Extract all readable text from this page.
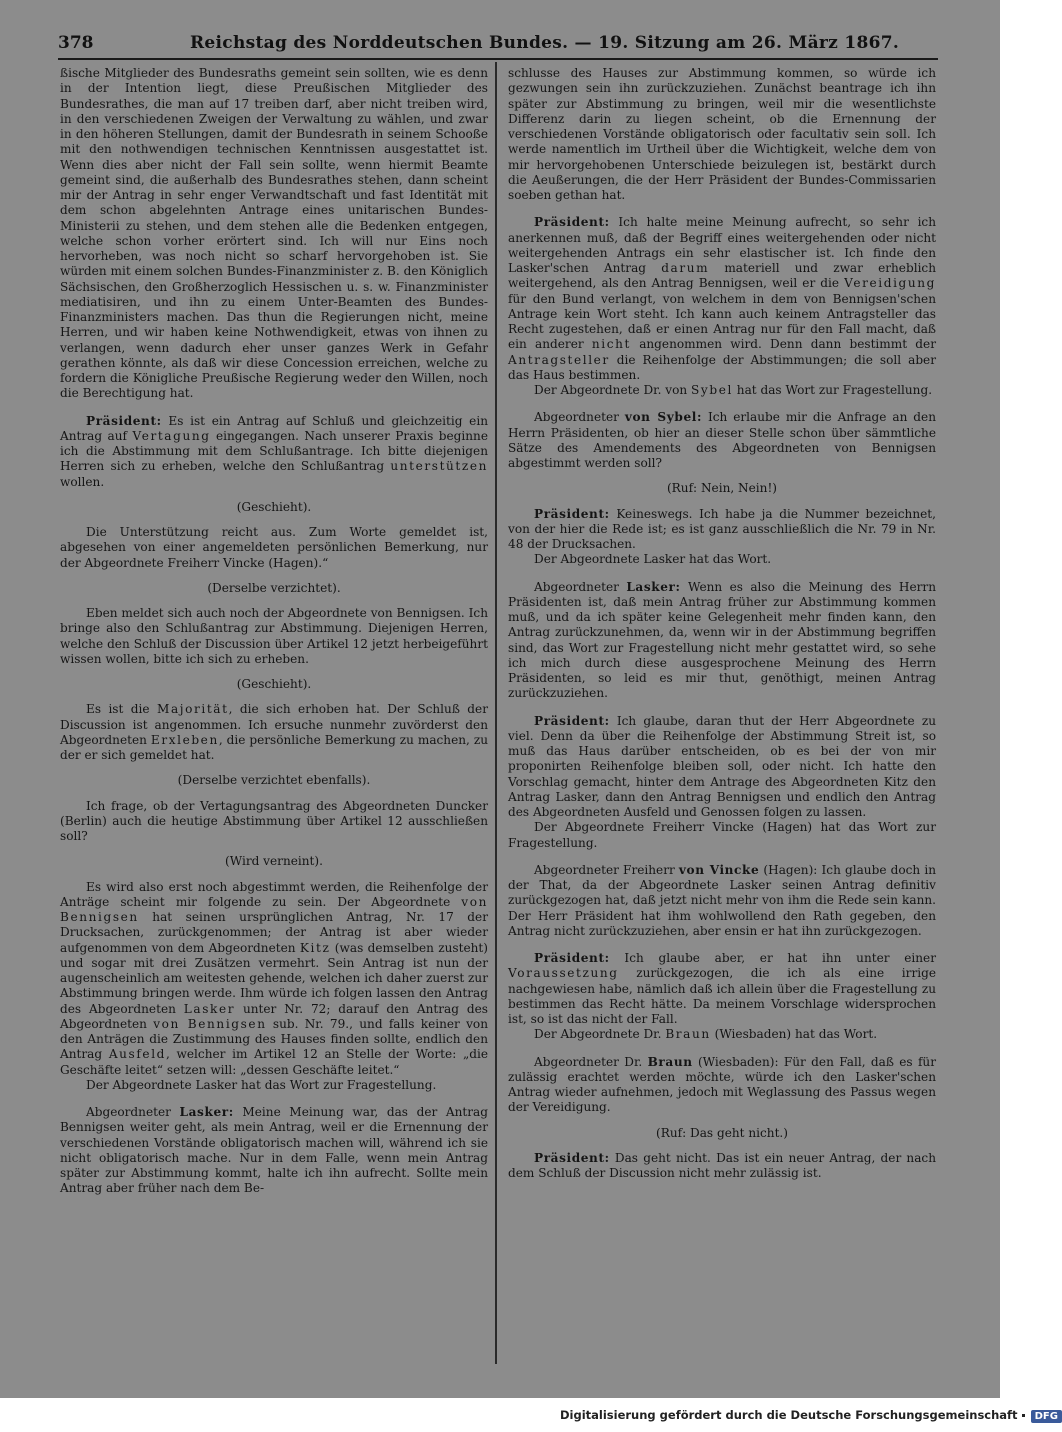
378	Reichstag des Norddeutschen Bundes. — 19. Sitzung am 26. März 1867.

ßische Mitglieder des Bundesraths gemeint sein sollten, wie es denn in der Intention liegt, diese Preußischen Mitglieder des Bundesrathes, die man auf 17 treiben darf, aber nicht treiben wird, in den verschiedenen Zweigen der Verwaltung zu wählen, und zwar in den höheren Stellungen, damit der Bundesrath in seinem Schooße mit den nothwendigen technischen Kenntnissen ausgestattet ist. Wenn dies aber nicht der Fall sein sollte, wenn hiermit Beamte gemeint sind, die außerhalb des Bundesrathes stehen, dann scheint mir der Antrag in sehr enger Verwandtschaft und fast Identität mit dem schon abgelehnten Antrage eines unitarischen Bundes-Ministerii zu stehen, und dem stehen alle die Bedenken entgegen, welche schon vorher erörtert sind. Ich will nur Eins noch hervorheben, was noch nicht so scharf hervorgehoben ist. Sie würden mit einem solchen Bundes-Finanzminister z. B. den Königlich Sächsischen, den Großherzoglich Hessischen u. s. w. Finanzminister mediatisiren, und ihn zu einem Unter-Beamten des Bundes-Finanzministers machen. Das thun die Regierungen nicht, meine Herren, und wir haben keine Nothwendigkeit, etwas von ihnen zu verlangen, wenn dadurch eher unser ganzes Werk in Gefahr gerathen könnte, als daß wir diese Concession erreichen, welche zu fordern die Königliche Preußische Regierung weder den Willen, noch die Berechtigung hat.

Präsident: Es ist ein Antrag auf Schluß und gleichzeitig ein Antrag auf Vertagung eingegangen. Nach unserer Praxis beginne ich die Abstimmung mit dem Schlußantrage. Ich bitte diejenigen Herren sich zu erheben, welche den Schlußantrag unterstützen wollen.

(Geschieht).

Die Unterstützung reicht aus. Zum Worte gemeldet ist, abgesehen von einer angemeldeten persönlichen Bemerkung, nur der Abgeordnete Freiherr Vincke (Hagen).“

(Derselbe verzichtet).

Eben meldet sich auch noch der Abgeordnete von Bennigsen. Ich bringe also den Schlußantrag zur Abstimmung. Diejenigen Herren, welche den Schluß der Discussion über Artikel 12 jetzt herbeigeführt wissen wollen, bitte ich sich zu erheben.

(Geschieht).

Es ist die Majorität, die sich erhoben hat. Der Schluß der Discussion ist angenommen. Ich ersuche nunmehr zuvörderst den Abgeordneten Erxleben, die persönliche Bemerkung zu machen, zu der er sich gemeldet hat.

(Derselbe verzichtet ebenfalls).

Ich frage, ob der Vertagungsantrag des Abgeordneten Duncker (Berlin) auch die heutige Abstimmung über Artikel 12 ausschließen soll?

(Wird verneint).

Es wird also erst noch abgestimmt werden, die Reihenfolge der Anträge scheint mir folgende zu sein. Der Abgeordnete von Bennigsen hat seinen ursprünglichen Antrag, Nr. 17 der Drucksachen, zurückgenommen; der Antrag ist aber wieder aufgenommen von dem Abgeordneten Kitz (was demselben zusteht) und sogar mit drei Zusätzen vermehrt. Sein Antrag ist nun der augenscheinlich am weitesten gehende, welchen ich daher zuerst zur Abstimmung bringen werde. Ihm würde ich folgen lassen den Antrag des Abgeordneten Lasker unter Nr. 72; darauf den Antrag des Abgeordneten von Bennigsen sub. Nr. 79., und falls keiner von den Anträgen die Zustimmung des Hauses finden sollte, endlich den Antrag Ausfeld, welcher im Artikel 12 an Stelle der Worte: „die Geschäfte leitet“ setzen will: „dessen Geschäfte leitet.“

Der Abgeordnete Lasker hat das Wort zur Fragestellung.

Abgeordneter Lasker: Meine Meinung war, das der Antrag Bennigsen weiter geht, als mein Antrag, weil er die Ernennung der verschiedenen Vorstände obligatorisch machen will, während ich sie nicht obligatorisch mache. Nur in dem Falle, wenn mein Antrag später zur Abstimmung kommt, halte ich ihn aufrecht. Sollte mein Antrag aber früher nach dem Be-

schlusse des Hauses zur Abstimmung kommen, so würde ich gezwungen sein ihn zurückzuziehen. Zunächst beantrage ich ihn später zur Abstimmung zu bringen, weil mir die wesentlichste Differenz darin zu liegen scheint, ob die Ernennung der verschiedenen Vorstände obligatorisch oder facultativ sein soll. Ich werde namentlich im Urtheil über die Wichtigkeit, welche dem von mir hervorgehobenen Unterschiede beizulegen ist, bestärkt durch die Aeußerungen, die der Herr Präsident der Bundes-Commissarien soeben gethan hat.

Präsident: Ich halte meine Meinung aufrecht, so sehr ich anerkennen muß, daß der Begriff eines weitergehenden oder nicht weitergehenden Antrags ein sehr elastischer ist. Ich finde den Lasker'schen Antrag darum materiell und zwar erheblich weitergehend, als den Antrag Bennigsen, weil er die Vereidigung für den Bund verlangt, von welchem in dem von Bennigsen'schen Antrage kein Wort steht. Ich kann auch keinem Antragsteller das Recht zugestehen, daß er einen Antrag nur für den Fall macht, daß ein anderer nicht angenommen wird. Denn dann bestimmt der Antragsteller die Reihenfolge der Abstimmungen; die soll aber das Haus bestimmen.

Der Abgeordnete Dr. von Sybel hat das Wort zur Fragestellung.

Abgeordneter von Sybel: Ich erlaube mir die Anfrage an den Herrn Präsidenten, ob hier an dieser Stelle schon über sämmtliche Sätze des Amendements des Abgeordneten von Bennigsen abgestimmt werden soll?

(Ruf: Nein, Nein!)

Präsident: Keineswegs. Ich habe ja die Nummer bezeichnet, von der hier die Rede ist; es ist ganz ausschließlich die Nr. 79 in Nr. 48 der Drucksachen.

Der Abgeordnete Lasker hat das Wort.

Abgeordneter Lasker: Wenn es also die Meinung des Herrn Präsidenten ist, daß mein Antrag früher zur Abstimmung kommen muß, und da ich später keine Gelegenheit mehr finden kann, den Antrag zurückzunehmen, da, wenn wir in der Abstimmung begriffen sind, das Wort zur Fragestellung nicht mehr gestattet wird, so sehe ich mich durch diese ausgesprochene Meinung des Herrn Präsidenten, so leid es mir thut, genöthigt, meinen Antrag zurückzuziehen.

Präsident: Ich glaube, daran thut der Herr Abgeordnete zu viel. Denn da über die Reihenfolge der Abstimmung Streit ist, so muß das Haus darüber entscheiden, ob es bei der von mir proponirten Reihenfolge bleiben soll, oder nicht. Ich hatte den Vorschlag gemacht, hinter dem Antrage des Abgeordneten Kitz den Antrag Lasker, dann den Antrag Bennigsen und endlich den Antrag des Abgeordneten Ausfeld und Genossen folgen zu lassen.

Der Abgeordnete Freiherr Vincke (Hagen) hat das Wort zur Fragestellung.

Abgeordneter Freiherr von Vincke (Hagen): Ich glaube doch in der That, da der Abgeordnete Lasker seinen Antrag definitiv zurückgezogen hat, daß jetzt nicht mehr von ihm die Rede sein kann. Der Herr Präsident hat ihm wohlwollend den Rath gegeben, den Antrag nicht zurückzuziehen, aber ensin er hat ihn zurückgezogen.

Präsident: Ich glaube aber, er hat ihn unter einer Voraussetzung zurückgezogen, die ich als eine irrige nachgewiesen habe, nämlich daß ich allein über die Fragestellung zu bestimmen das Recht hätte. Da meinem Vorschlage widersprochen ist, so ist das nicht der Fall.

Der Abgeordnete Dr. Braun (Wiesbaden) hat das Wort.

Abgeordneter Dr. Braun (Wiesbaden): Für den Fall, daß es für zulässig erachtet werden möchte, würde ich den Lasker'schen Antrag wieder aufnehmen, jedoch mit Weglassung des Passus wegen der Vereidigung.

(Ruf: Das geht nicht.)

Präsident: Das geht nicht. Das ist ein neuer Antrag, der nach dem Schluß der Discussion nicht mehr zulässig ist.

Digitalisierung gefördert durch die Deutsche Forschungsgemeinschaft DFG
